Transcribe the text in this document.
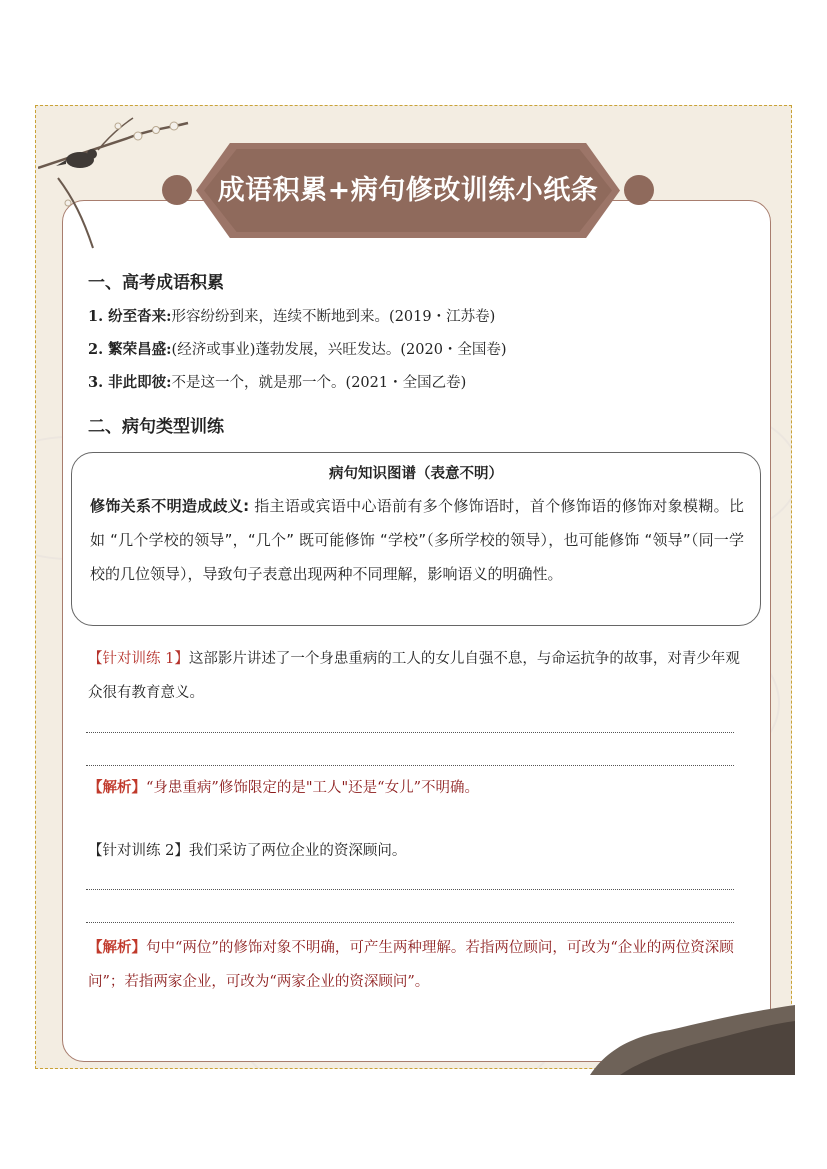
成语积累+病句修改训练小纸条 21
一、高考成语积累
1. 纷至沓来:形容纷纷到来，连续不断地到来。(2019・江苏卷)
2. 繁荣昌盛:(经济或事业)蓬勃发展，兴旺发达。(2020・全国卷)
3. 非此即彼:不是这一个，就是那一个。(2021・全国乙卷)
二、病句类型训练
病句知识图谱（表意不明）
修饰关系不明造成歧义: 指主语或宾语中心语前有多个修饰语时，首个修饰语的修饰对象模糊。比如 “几个学校的领导”，“几个” 既可能修饰 “学校”（多所学校的领导），也可能修饰 “领导”（同一学校的几位领导），导致句子表意出现两种不同理解，影响语义的明确性。
【针对训练 1】这部影片讲述了一个身患重病的工人的女儿自强不息，与命运抗争的故事，对青少年观众很有教育意义。
【解析】“身患重病”修饰限定的是"工人"还是“女儿”不明确。
【针对训练 2】我们采访了两位企业的资深顾问。
【解析】句中“两位”的修饰对象不明确，可产生两种理解。若指两位顾问，可改为“企业的两位资深顾问”；若指两家企业，可改为“两家企业的资深顾问”。
